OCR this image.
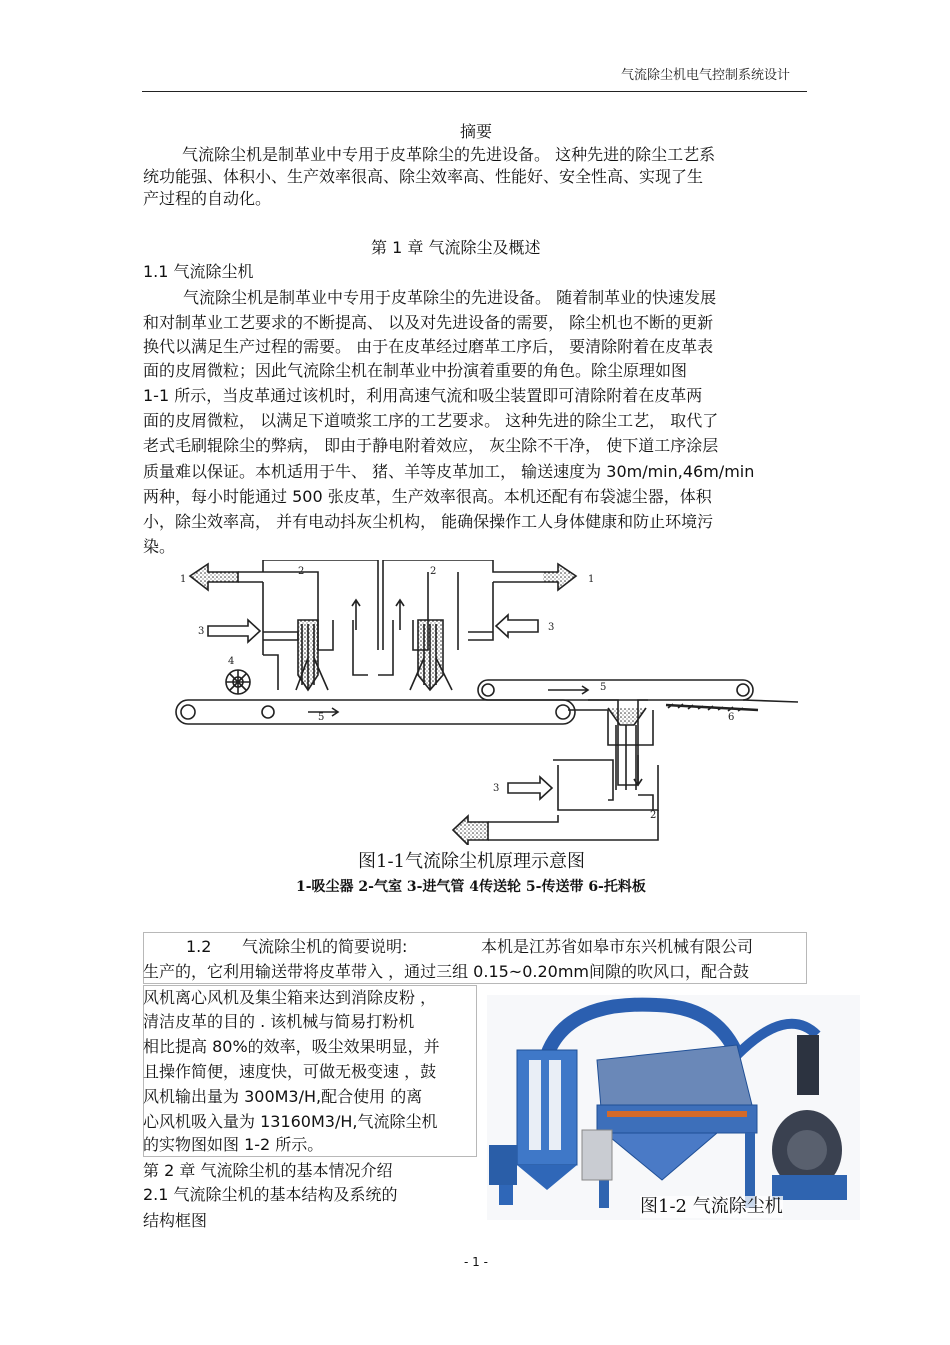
气流除尘机电气控制系统设计
摘要
气流除尘机是制革业中专用于皮革除尘的先进设备。 这种先进的除尘工艺系
统功能强、体积小、生产效率很高、除尘效率高、性能好、安全性高、实现了生
产过程的自动化。
第 1 章 气流除尘及概述
1.1 气流除尘机
气流除尘机是制革业中专用于皮革除尘的先进设备。 随着制革业的快速发展
和对制革业工艺要求的不断提高、 以及对先进设备的需要， 除尘机也不断的更新
换代以满足生产过程的需要。 由于在皮革经过磨革工序后， 要清除附着在皮革表
面的皮屑微粒；因此气流除尘机在制革业中扮演着重要的角色。除尘原理如图
1-1 所示，当皮革通过该机时，利用高速气流和吸尘装置即可清除附着在皮革两
面的皮屑微粒， 以满足下道喷浆工序的工艺要求。 这种先进的除尘工艺， 取代了
老式毛刷辊除尘的弊病， 即由于静电附着效应， 灰尘除不干净， 使下道工序涂层
质量难以保证。本机适用于牛、 猪、羊等皮革加工， 输送速度为 30m/min,46m/min
两种，每小时能通过 500 张皮革，生产效率很高。本机还配有布袋滤尘器，体积
小，除尘效率高， 并有电动抖灰尘机构， 能确保操作工人身体健康和防止环境污
染。
1
2
3
4
5
2
1
3
5
6
3
2
图1-1气流除尘机原理示意图
1-吸尘器 2-气室 3-进气管 4传送轮 5-传送带 6-托料板
1.2 气流除尘机的简要说明:	本机是江苏省如皋市东兴机械有限公司
生产的，它利用输送带将皮革带入 ，通过三组 0.15~0.20mm间隙的吹风口，配合鼓
风机离心风机及集尘箱来达到消除皮粉 ，
清洁皮革的目的 . 该机械与简易打粉机
相比提高 80%的效率，吸尘效果明显，并
且操作简便，速度快，可做无极变速 ，鼓
风机输出量为 300M3/H,配合使用 的离
心风机吸入量为 13160M3/H,气流除尘机
的实物图如图 1-2 所示。
第 2 章 气流除尘机的基本情况介绍
2.1 气流除尘机的基本结构及系统的
结构框图
图1-2 气流除尘机
- 1 -
